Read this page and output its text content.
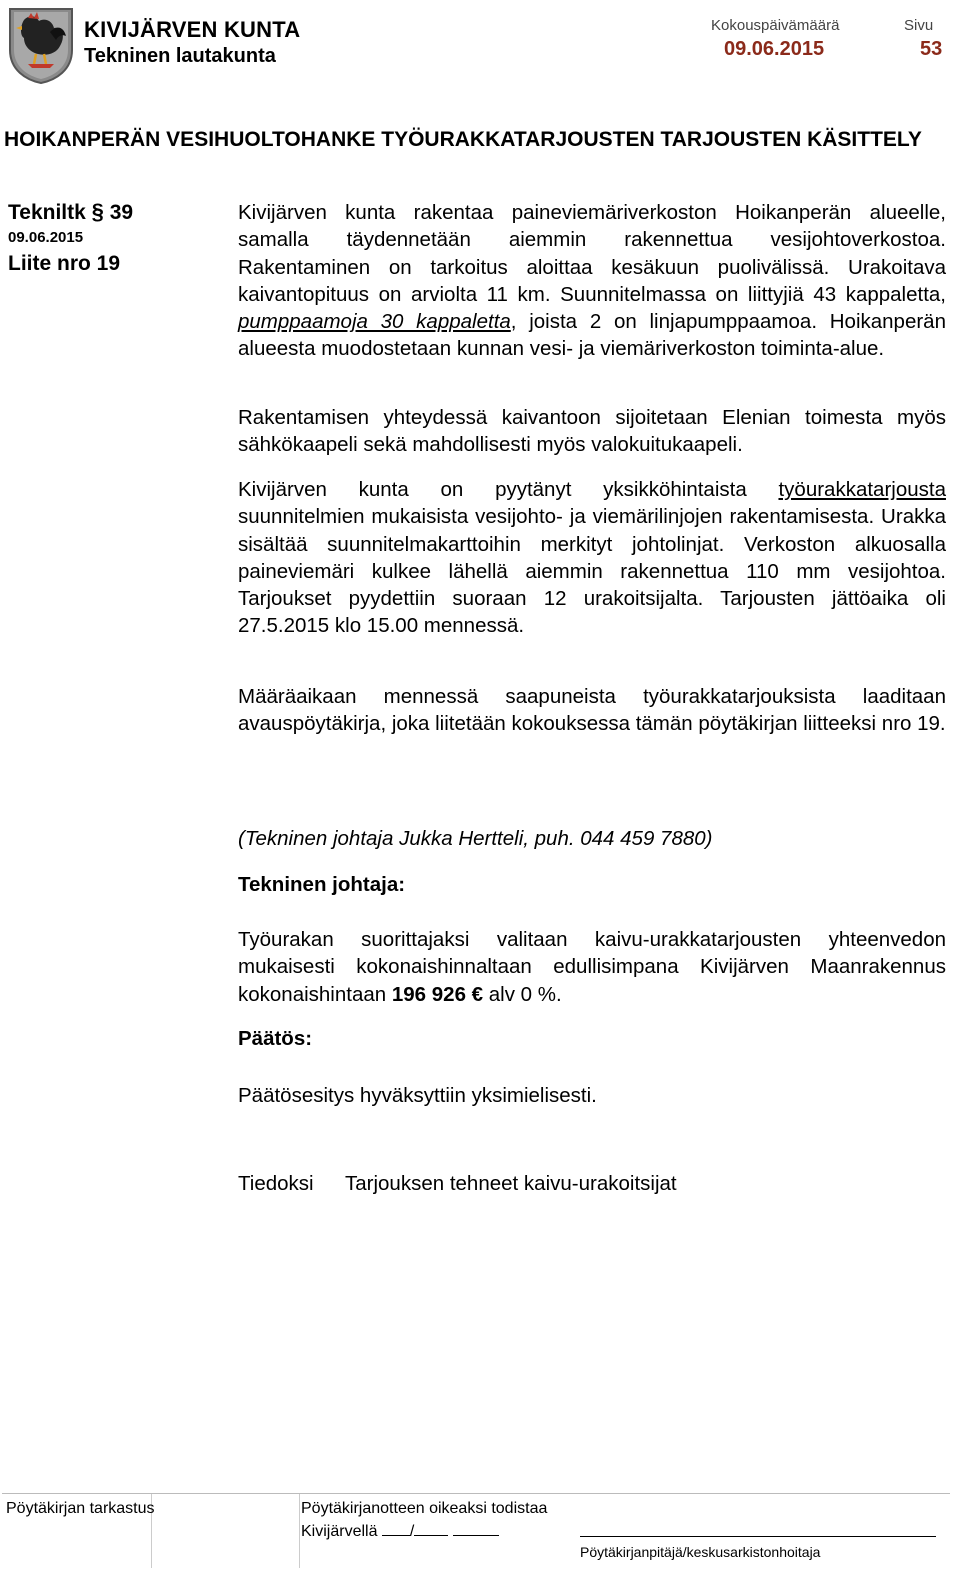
KIVIJÄRVEN KUNTA
Tekninen lautakunta
Kokouspäivämäärä
09.06.2015
Sivu
53
HOIKANPERÄN VESIHUOLTOHANKE TYÖURAKKATARJOUSTEN TARJOUSTEN KÄSITTELY
Tekniltk § 39
09.06.2015
Liite nro 19
Kivijärven kunta rakentaa paineviemäriverkoston Hoikanperän alueelle, samalla täydennetään aiemmin rakennettua vesijohtoverkostoa. Rakentaminen on tarkoitus aloittaa kesäkuun puolivälissä. Urakoitava kaivantopituus on arviolta 11 km. Suunnitelmassa on liittyjiä 43 kappaletta, pumppaamoja 30 kappaletta, joista 2 on linjapumppaamoa. Hoikanperän alueesta muodostetaan kunnan vesi- ja viemäriverkoston toiminta-alue.
Rakentamisen yhteydessä kaivantoon sijoitetaan Elenian toimesta myös sähkökaapeli sekä mahdollisesti myös valokuitukaapeli.
Kivijärven kunta on pyytänyt yksikköhintaista työurakkatarjousta suunnitelmien mukaisista vesijohto- ja viemärilinjojen rakentamisesta. Urakka sisältää suunnitelmakarttoihin merkityt johtolinjat. Verkoston alkuosalla paineviemäri kulkee lähellä aiemmin rakennettua 110 mm vesijohtoa. Tarjoukset pyydettiin suoraan 12 urakoitsijalta. Tarjousten jättöaika oli 27.5.2015 klo 15.00 mennessä.
Määräaikaan mennessä saapuneista työurakkatarjouksista laaditaan avauspöytäkirja, joka liitetään kokouksessa tämän pöytäkirjan liitteeksi nro 19.
(Tekninen johtaja Jukka Hertteli, puh. 044 459 7880)
Tekninen johtaja:
Työurakan suorittajaksi valitaan kaivu-urakkatarjousten yhteenvedon mukaisesti kokonaishinnaltaan edullisimpana Kivijärven Maanrakennus kokonaishintaan 196 926 € alv 0 %.
Päätös:
Päätösesitys hyväksyttiin yksimielisesti.
Tiedoksi Tarjouksen tehneet kaivu-urakoitsijat
Pöytäkirjan tarkastus	Pöytäkirjanotteen oikeaksi todistaa
Kivijärvellä /
Pöytäkirjanpitäjä/keskusarkistonhoitaja
